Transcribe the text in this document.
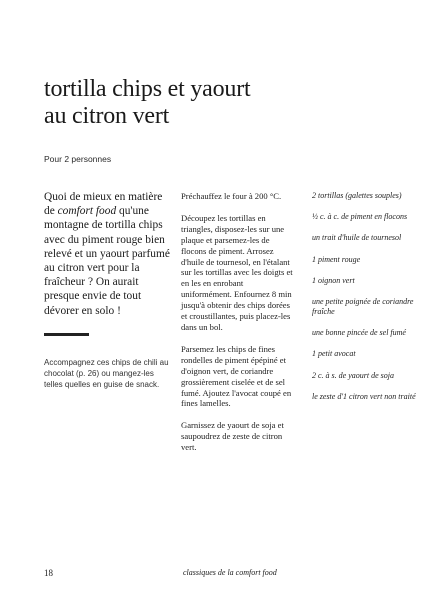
tortilla chips et yaourt
au citron vert
Pour 2 personnes
Quoi de mieux en matière de comfort food qu'une montagne de tortilla chips avec du piment rouge bien relevé et un yaourt parfumé au citron vert pour la fraîcheur ? On aurait presque envie de tout dévorer en solo !
Accompagnez ces chips de chili au chocolat (p. 26) ou mangez-les telles quelles en guise de snack.

Préchauffez le four à 200 °C.

Découpez les tortillas en triangles, disposez-les sur une plaque et parsemez-les de flocons de piment. Arrosez d'huile de tournesol, en l'étalant sur les tortillas avec les doigts et en les en enrobant uniformément. Enfournez 8 min jusqu'à obtenir des chips dorées et croustillantes, puis placez-les dans un bol.

Parsemez les chips de fines rondelles de piment épépiné et d'oignon vert, de coriandre grossièrement ciselée et de sel fumé. Ajoutez l'avocat coupé en fines lamelles.

Garnissez de yaourt de soja et saupoudrez de zeste de citron vert.

2 tortillas (galettes souples)
½ c. à c. de piment en flocons
un trait d'huile de tournesol
1 piment rouge
1 oignon vert
une petite poignée de coriandre fraîche
une bonne pincée de sel fumé
1 petit avocat
2 c. à s. de yaourt de soja
le zeste d'1 citron vert non traité
18	classiques de la comfort food
